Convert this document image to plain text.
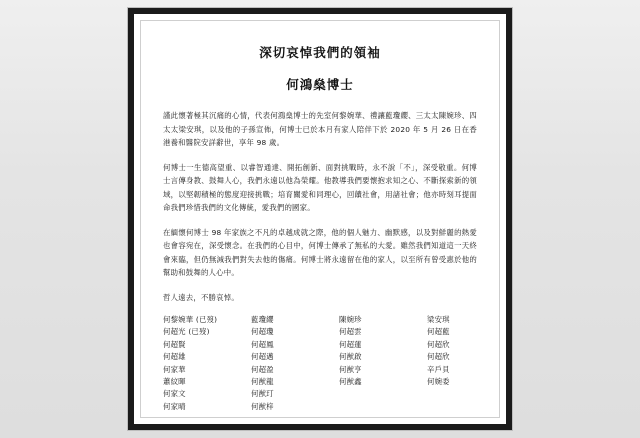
深切哀悼我們的領袖
何鴻燊博士

謹此懷著極其沉痛的心情，代表何鴻燊博士的先室何黎婉華、禮讓藍瓊纓、三太太陳婉珍、四太太梁安琪，以及他的子孫宣佈，何博士已於本月有家人陪伴下於 2020 年 5 月 26 日在香港養和醫院安詳辭世，享年 98 歲。

何博士一生德高望重、以睿智通達、開拓創新、面對挑戰時，永不說「不」，深受敬重。何博士言傳身教、鼓舞人心，我們永遠以他為榮耀。他教導我們要懷抱求知之心、不斷探索新的領域，以堅韌積極的態度迎接挑戰；培育關愛和同理心，回饋社會，用諸社會；他亦時刻耳提面命我們珍惜我們的文化傳統，愛我們的國家。

在緬懷何博士 98 年家族之不凡的卓越成就之際，他的個人魅力、幽默感，以及對鮮麗的熱愛也會容宛在，深受懷念。在我們的心目中，何博士傳承了無私的大愛。雖然我們知道這一天終會來臨，但仍無減我們對失去他的傷痛。何博士將永遠留在他的家人，以至所有曾受惠於他的幫助和鼓舞的人心中。

哲人遠去，不勝哀悼。
何黎婉華 (已歿)	藍瓊纓	陳婉珍	梁安琪
何超光 (已歿)	何超瓊	何超雲	何超藍
何超賢	何超鳳	何超蓮	何超欣
何超雄	何超邁	何猷啟	何超欣
何家華	何超盈	何猷亨	辛戶貝
蕭紋暉	何猷龍	何猷鑫	何婉委
何家文	何猷玎

何家晴	何猷梓
